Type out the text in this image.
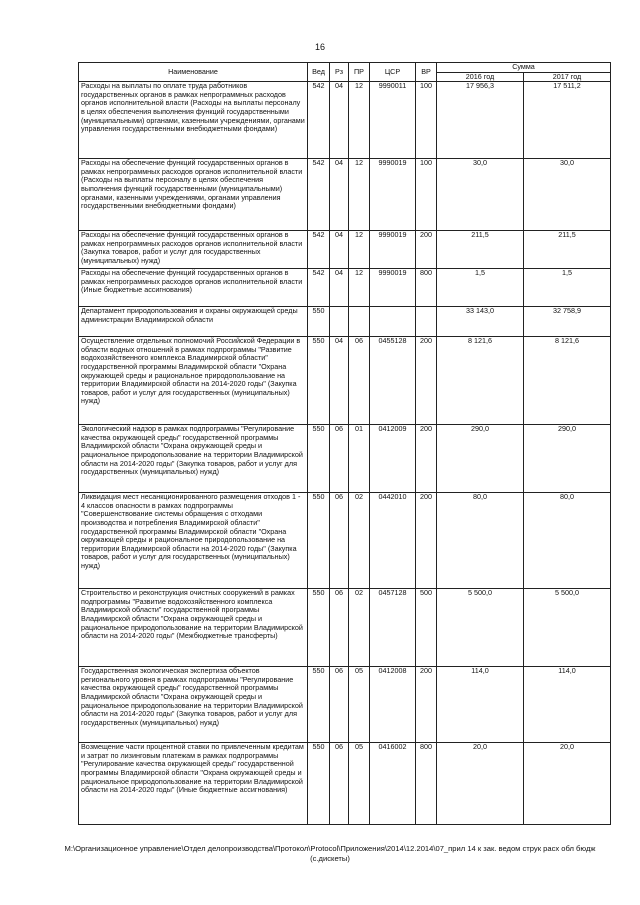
16
Наименование	Вед	Рз	ПР	ЦСР	ВР	Сумма	
						2016 год	2017 год
Расходы на выплаты по оплате труда работников государственных органов в рамках непрограммных расходов органов исполнительной власти (Расходы на выплаты персоналу в целях обеспечения выполнения функций государственными (муниципальными) органами, казенными учреждениями, органами управления государственными внебюджетными фондами)	542	04	12	9990011	100	17 956,3	17 511,2
Расходы на обеспечение функций государственных органов в рамках непрограммных расходов органов исполнительной власти (Расходы на выплаты персоналу в целях обеспечения выполнения функций государственными (муниципальными) органами, казенными учреждениями, органами управления государственными внебюджетными фондами)	542	04	12	9990019	100	30,0	30,0
Расходы на обеспечение функций государственных органов в рамках непрограммных расходов органов исполнительной власти (Закупка товаров, работ и услуг для государственных (муниципальных) нужд)	542	04	12	9990019	200	211,5	211,5
Расходы на обеспечение функций государственных органов в рамках непрограммных расходов органов исполнительной власти (Иные бюджетные ассигнования)	542	04	12	9990019	800	1,5	1,5
Департамент природопользования и охраны окружающей среды администрации Владимирской области	550					33 143,0	32 758,9
Осуществление отдельных полномочий Российской Федерации в области водных отношений в рамках подпрограммы "Развитие водохозяйственного комплекса Владимирской области" государственной программы Владимирской области "Охрана окружающей среды и рациональное природопользование на территории Владимирской области на 2014-2020 годы" (Закупка товаров, работ и услуг для государственных (муниципальных) нужд)	550	04	06	0455128	200	8 121,6	8 121,6
Экологический надзор в рамках подпрограммы "Регулирование качества окружающей среды" государственной программы Владимирской области "Охрана окружающей среды и рациональное природопользование на территории Владимирской области на 2014-2020 годы" (Закупка товаров, работ и услуг для государственных (муниципальных) нужд)	550	06	01	0412009	200	290,0	290,0
Ликвидация мест несанкционированного размещения отходов 1 - 4 классов опасности в рамках подпрограммы "Совершенствование системы обращения с отходами производства и потребления Владимирской области" государственной программы Владимирской области "Охрана окружающей среды и рациональное природопользование на территории Владимирской области на 2014-2020 годы" (Закупка товаров, работ и услуг для государственных (муниципальных) нужд)	550	06	02	0442010	200	80,0	80,0
Строительство и реконструкция очистных сооружений в рамках подпрограммы "Развитие водохозяйственного комплекса Владимирской области" государственной программы Владимирской области "Охрана окружающей среды и рациональное природопользование на территории Владимирской области на 2014-2020 годы" (Межбюджетные трансферты)	550	06	02	0457128	500	5 500,0	5 500,0
Государственная экологическая экспертиза объектов регионального уровня в рамках подпрограммы "Регулирование качества окружающей среды" государственной программы Владимирской области "Охрана окружающей среды и рациональное природопользование на территории Владимирской области на 2014-2020 годы" (Закупка товаров, работ и услуг для государственных (муниципальных) нужд)	550	06	05	0412008	200	114,0	114,0
Возмещение части процентной ставки по привлеченным кредитам и затрат по лизинговым платежам в рамках подпрограммы "Регулирование качества окружающей среды" государственной программы Владимирской области "Охрана окружающей среды и рациональное природопользование на территории Владимирской области на 2014-2020 годы" (Иные бюджетные ассигнования)	550	06	05	0416002	800	20,0	20,0
M:\Организационное управление\Отдел делопроизводства\Протокол\Protocol\Приложения\2014\12.2014\07_прил 14 к зак. ведом струк расх обл бюдж (с.дискеты)
